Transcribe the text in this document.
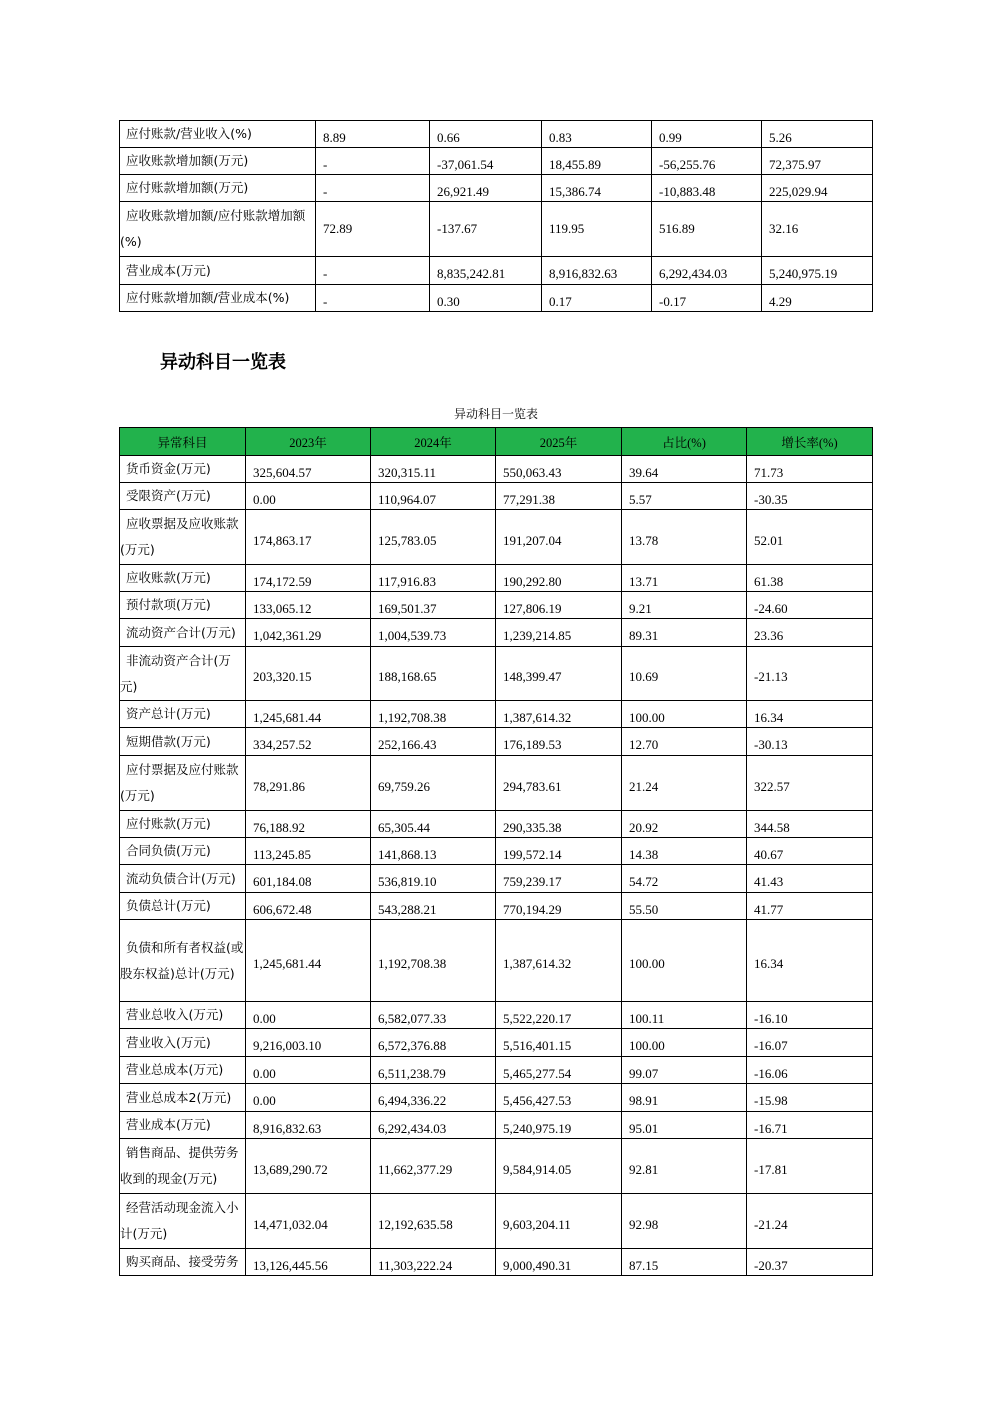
应付账款/营业收入(%)	8.89	0.66	0.83	0.99	5.26
应收账款增加额(万元)	-	-37,061.54	18,455.89	-56,255.76	72,375.97
应付账款增加额(万元)	-	26,921.49	15,386.74	-10,883.48	225,029.94
应收账款增加额/应付账款增加额(%)	72.89	-137.67	119.95	516.89	32.16
营业成本(万元)	-	8,835,242.81	8,916,832.63	6,292,434.03	5,240,975.19
应付账款增加额/营业成本(%)	-	0.30	0.17	-0.17	4.29
异动科目一览表
异动科目一览表
异常科目	2023年	2024年	2025年	占比(%)	增长率(%)
货币资金(万元)	325,604.57	320,315.11	550,063.43	39.64	71.73
受限资产(万元)	0.00	110,964.07	77,291.38	5.57	-30.35
应收票据及应收账款(万元)	174,863.17	125,783.05	191,207.04	13.78	52.01
应收账款(万元)	174,172.59	117,916.83	190,292.80	13.71	61.38
预付款项(万元)	133,065.12	169,501.37	127,806.19	9.21	-24.60
流动资产合计(万元)	1,042,361.29	1,004,539.73	1,239,214.85	89.31	23.36
非流动资产合计(万元)	203,320.15	188,168.65	148,399.47	10.69	-21.13
资产总计(万元)	1,245,681.44	1,192,708.38	1,387,614.32	100.00	16.34
短期借款(万元)	334,257.52	252,166.43	176,189.53	12.70	-30.13
应付票据及应付账款(万元)	78,291.86	69,759.26	294,783.61	21.24	322.57
应付账款(万元)	76,188.92	65,305.44	290,335.38	20.92	344.58
合同负债(万元)	113,245.85	141,868.13	199,572.14	14.38	40.67
流动负债合计(万元)	601,184.08	536,819.10	759,239.17	54.72	41.43
负债总计(万元)	606,672.48	543,288.21	770,194.29	55.50	41.77
负债和所有者权益(或股东权益)总计(万元)	1,245,681.44	1,192,708.38	1,387,614.32	100.00	16.34
营业总收入(万元)	0.00	6,582,077.33	5,522,220.17	100.11	-16.10
营业收入(万元)	9,216,003.10	6,572,376.88	5,516,401.15	100.00	-16.07
营业总成本(万元)	0.00	6,511,238.79	5,465,277.54	99.07	-16.06
营业总成本2(万元)	0.00	6,494,336.22	5,456,427.53	98.91	-15.98
营业成本(万元)	8,916,832.63	6,292,434.03	5,240,975.19	95.01	-16.71
销售商品、提供劳务收到的现金(万元)	13,689,290.72	11,662,377.29	9,584,914.05	92.81	-17.81
经营活动现金流入小计(万元)	14,471,032.04	12,192,635.58	9,603,204.11	92.98	-21.24
购买商品、接受劳务	13,126,445.56	11,303,222.24	9,000,490.31	87.15	-20.37
